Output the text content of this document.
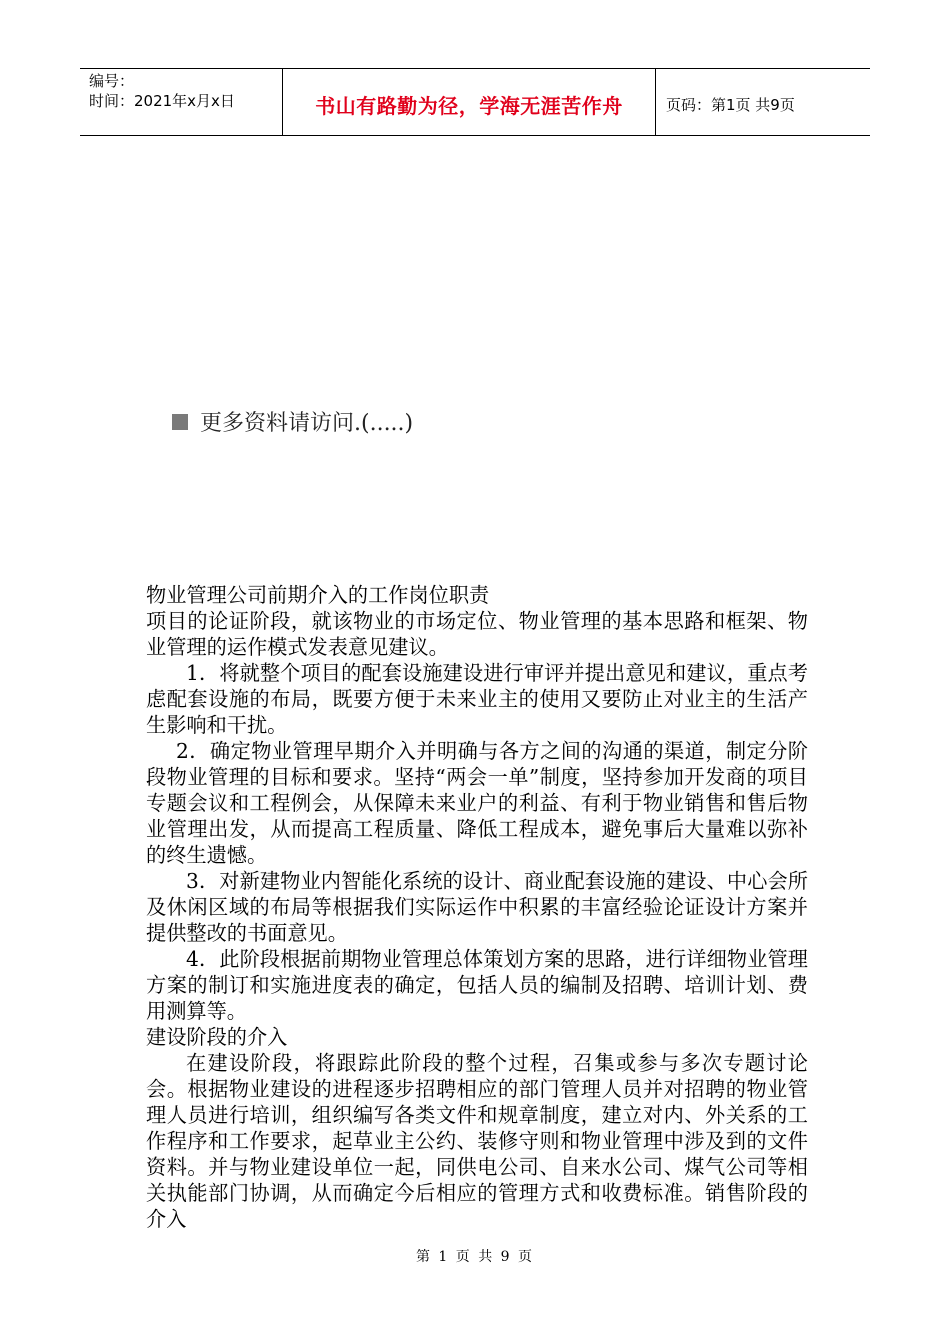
编号：
时间：2021年x月x日	书山有路勤为径，学海无涯苦作舟	页码：第1页 共9页
更多资料请访问.(.....)

物业管理公司前期介入的工作岗位职责

项目的论证阶段，就该物业的市场定位、物业管理的基本思路和框架、物业管理的运作模式发表意见建议。

1．将就整个项目的配套设施建设进行审评并提出意见和建议，重点考虑配套设施的布局，既要方便于未来业主的使用又要防止对业主的生活产生影响和干扰。

2．确定物业管理早期介入并明确与各方之间的沟通的渠道，制定分阶段物业管理的目标和要求。坚持“两会一单”制度，坚持参加开发商的项目专题会议和工程例会，从保障未来业户的利益、有利于物业销售和售后物业管理出发，从而提高工程质量、降低工程成本，避免事后大量难以弥补的终生遗憾。

3．对新建物业内智能化系统的设计、商业配套设施的建设、中心会所及休闲区域的布局等根据我们实际运作中积累的丰富经验论证设计方案并提供整改的书面意见。

4．此阶段根据前期物业管理总体策划方案的思路，进行详细物业管理方案的制订和实施进度表的确定，包括人员的编制及招聘、培训计划、费用测算等。

建设阶段的介入

在建设阶段，将跟踪此阶段的整个过程，召集或参与多次专题讨论会。根据物业建设的进程逐步招聘相应的部门管理人员并对招聘的物业管理人员进行培训，组织编写各类文件和规章制度，建立对内、外关系的工作程序和工作要求，起草业主公约、装修守则和物业管理中涉及到的文件资料。并与物业建设单位一起，同供电公司、自来水公司、煤气公司等相关执能部门协调，从而确定今后相应的管理方式和收费标准。销售阶段的介入

第 1 页 共 9 页
